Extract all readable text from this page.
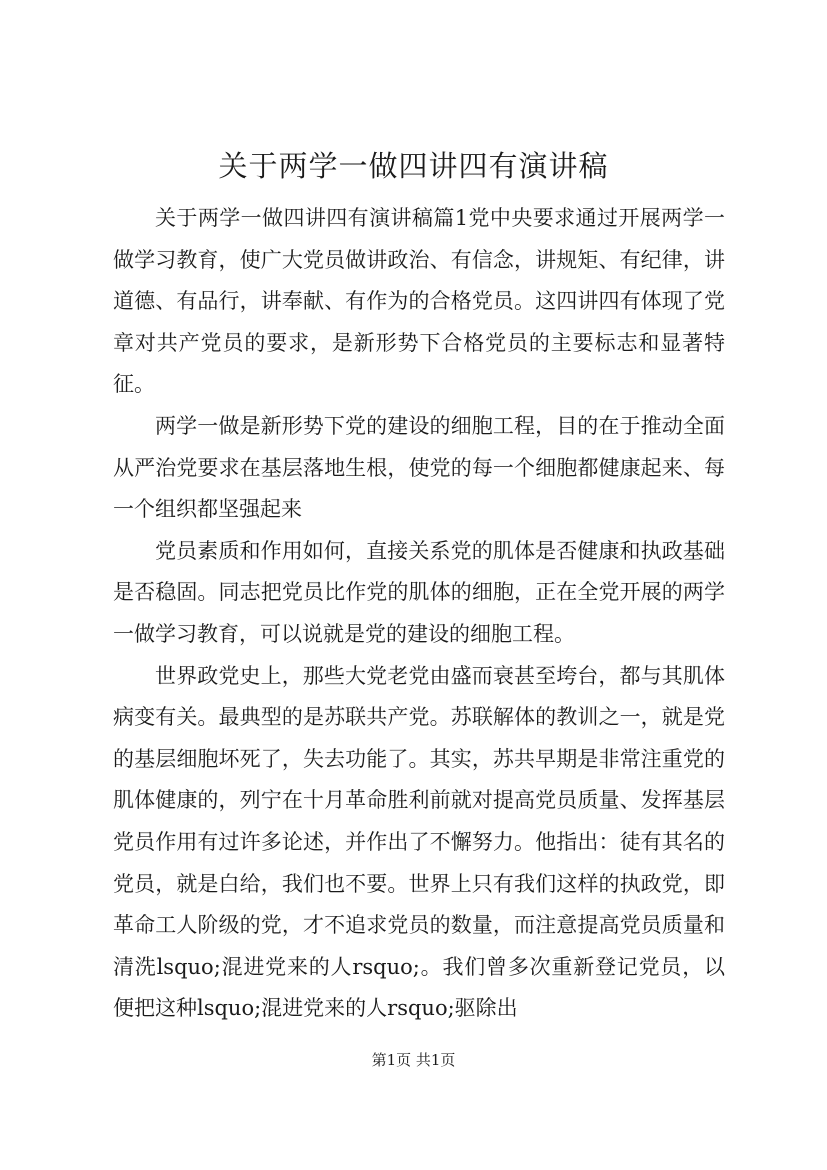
关于两学一做四讲四有演讲稿

关于两学一做四讲四有演讲稿篇1党中央要求通过开展两学一做学习教育，使广大党员做讲政治、有信念，讲规矩、有纪律，讲道德、有品行，讲奉献、有作为的合格党员。这四讲四有体现了党章对共产党员的要求，是新形势下合格党员的主要标志和显著特征。

两学一做是新形势下党的建设的细胞工程，目的在于推动全面从严治党要求在基层落地生根，使党的每一个细胞都健康起来、每一个组织都坚强起来

党员素质和作用如何，直接关系党的肌体是否健康和执政基础是否稳固。同志把党员比作党的肌体的细胞，正在全党开展的两学一做学习教育，可以说就是党的建设的细胞工程。

世界政党史上，那些大党老党由盛而衰甚至垮台，都与其肌体病变有关。最典型的是苏联共产党。苏联解体的教训之一，就是党的基层细胞坏死了，失去功能了。其实，苏共早期是非常注重党的肌体健康的，列宁在十月革命胜利前就对提高党员质量、发挥基层党员作用有过许多论述，并作出了不懈努力。他指出：徒有其名的党员，就是白给，我们也不要。世界上只有我们这样的执政党，即革命工人阶级的党，才不追求党员的数量，而注意提高党员质量和清洗lsquo;混进党来的人rsquo;。我们曾多次重新登记党员，以便把这种lsquo;混进党来的人rsquo;驱除出

第1页 共1页
